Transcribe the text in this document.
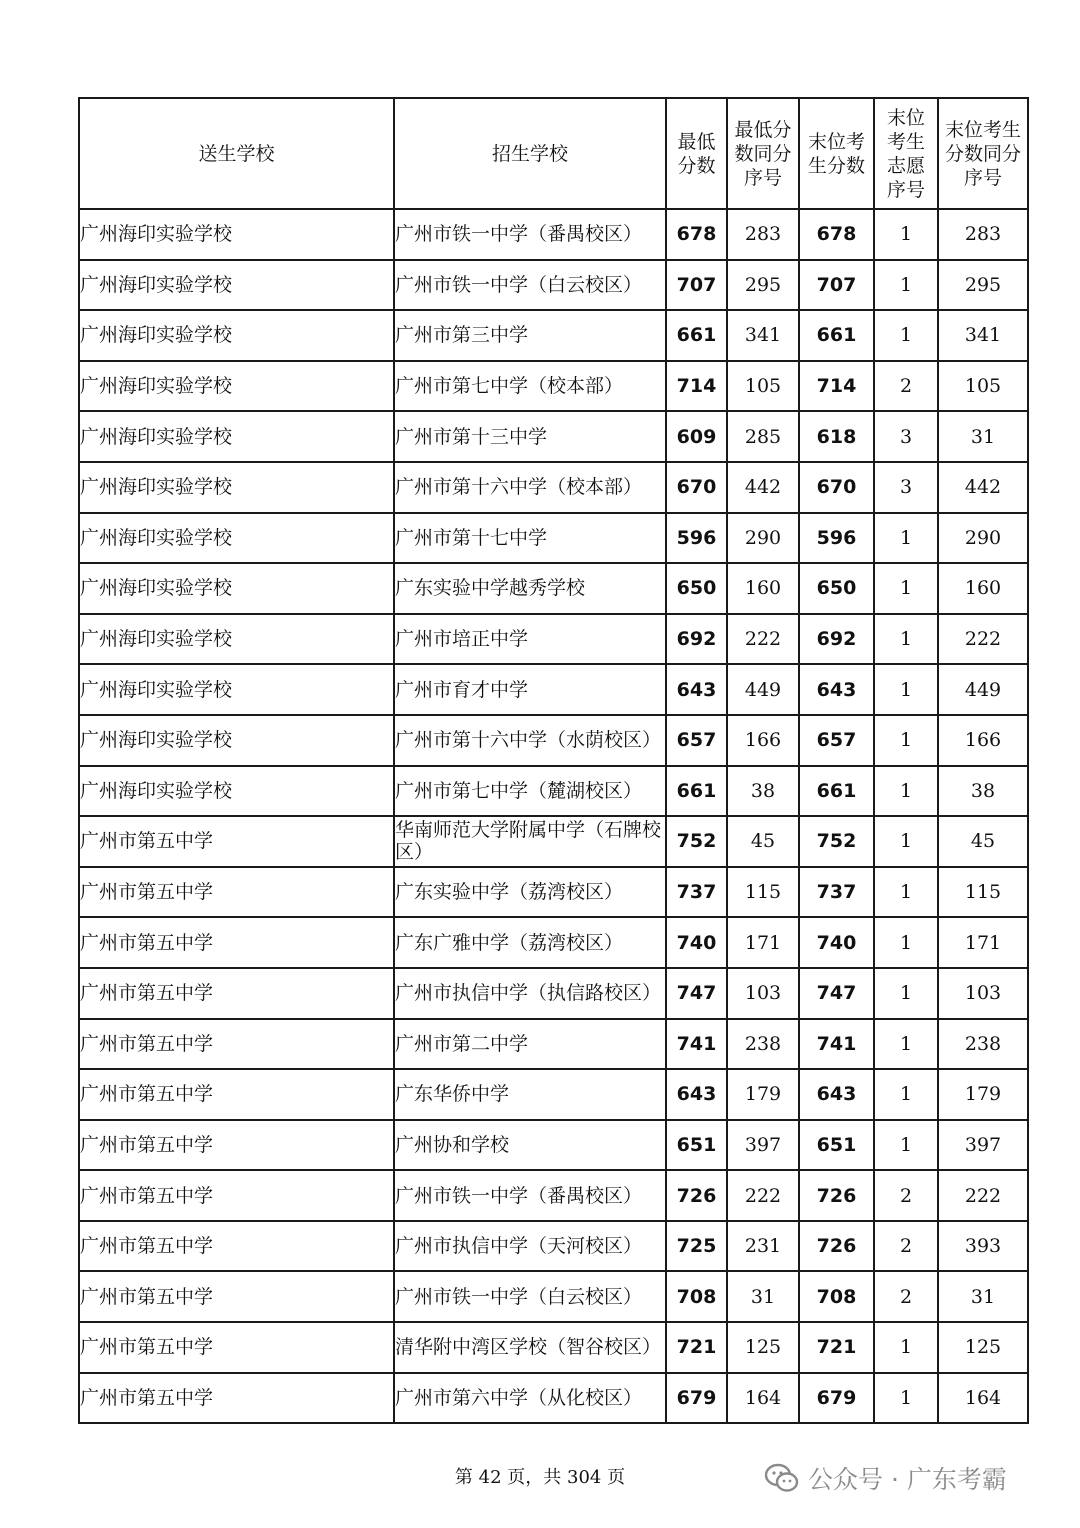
送生学校	招生学校	最低分数	最低分数同分序号	末位考生分数	末位考生志愿序号	末位考生分数同分序号

广州海印实验学校	广州市铁一中学（番禺校区）	678	283	678	1	283
广州海印实验学校	广州市铁一中学（白云校区）	707	295	707	1	295
广州海印实验学校	广州市第三中学	661	341	661	1	341
广州海印实验学校	广州市第七中学（校本部）	714	105	714	2	105
广州海印实验学校	广州市第十三中学	609	285	618	3	31
广州海印实验学校	广州市第十六中学（校本部）	670	442	670	3	442
广州海印实验学校	广州市第十七中学	596	290	596	1	290
广州海印实验学校	广东实验中学越秀学校	650	160	650	1	160
广州海印实验学校	广州市培正中学	692	222	692	1	222
广州海印实验学校	广州市育才中学	643	449	643	1	449
广州海印实验学校	广州市第十六中学（水荫校区）	657	166	657	1	166
广州海印实验学校	广州市第七中学（麓湖校区）	661	38	661	1	38
广州市第五中学	华南师范大学附属中学（石牌校区）	752	45	752	1	45
广州市第五中学	广东实验中学（荔湾校区）	737	115	737	1	115
广州市第五中学	广东广雅中学（荔湾校区）	740	171	740	1	171
广州市第五中学	广州市执信中学（执信路校区）	747	103	747	1	103
广州市第五中学	广州市第二中学	741	238	741	1	238
广州市第五中学	广东华侨中学	643	179	643	1	179
广州市第五中学	广州协和学校	651	397	651	1	397
广州市第五中学	广州市铁一中学（番禺校区）	726	222	726	2	222
广州市第五中学	广州市执信中学（天河校区）	725	231	726	2	393
广州市第五中学	广州市铁一中学（白云校区）	708	31	708	2	31
广州市第五中学	清华附中湾区学校（智谷校区）	721	125	721	1	125
广州市第五中学	广州市第六中学（从化校区）	679	164	679	1	164
第 42 页，共 304 页	公众号 · 广东考霸
